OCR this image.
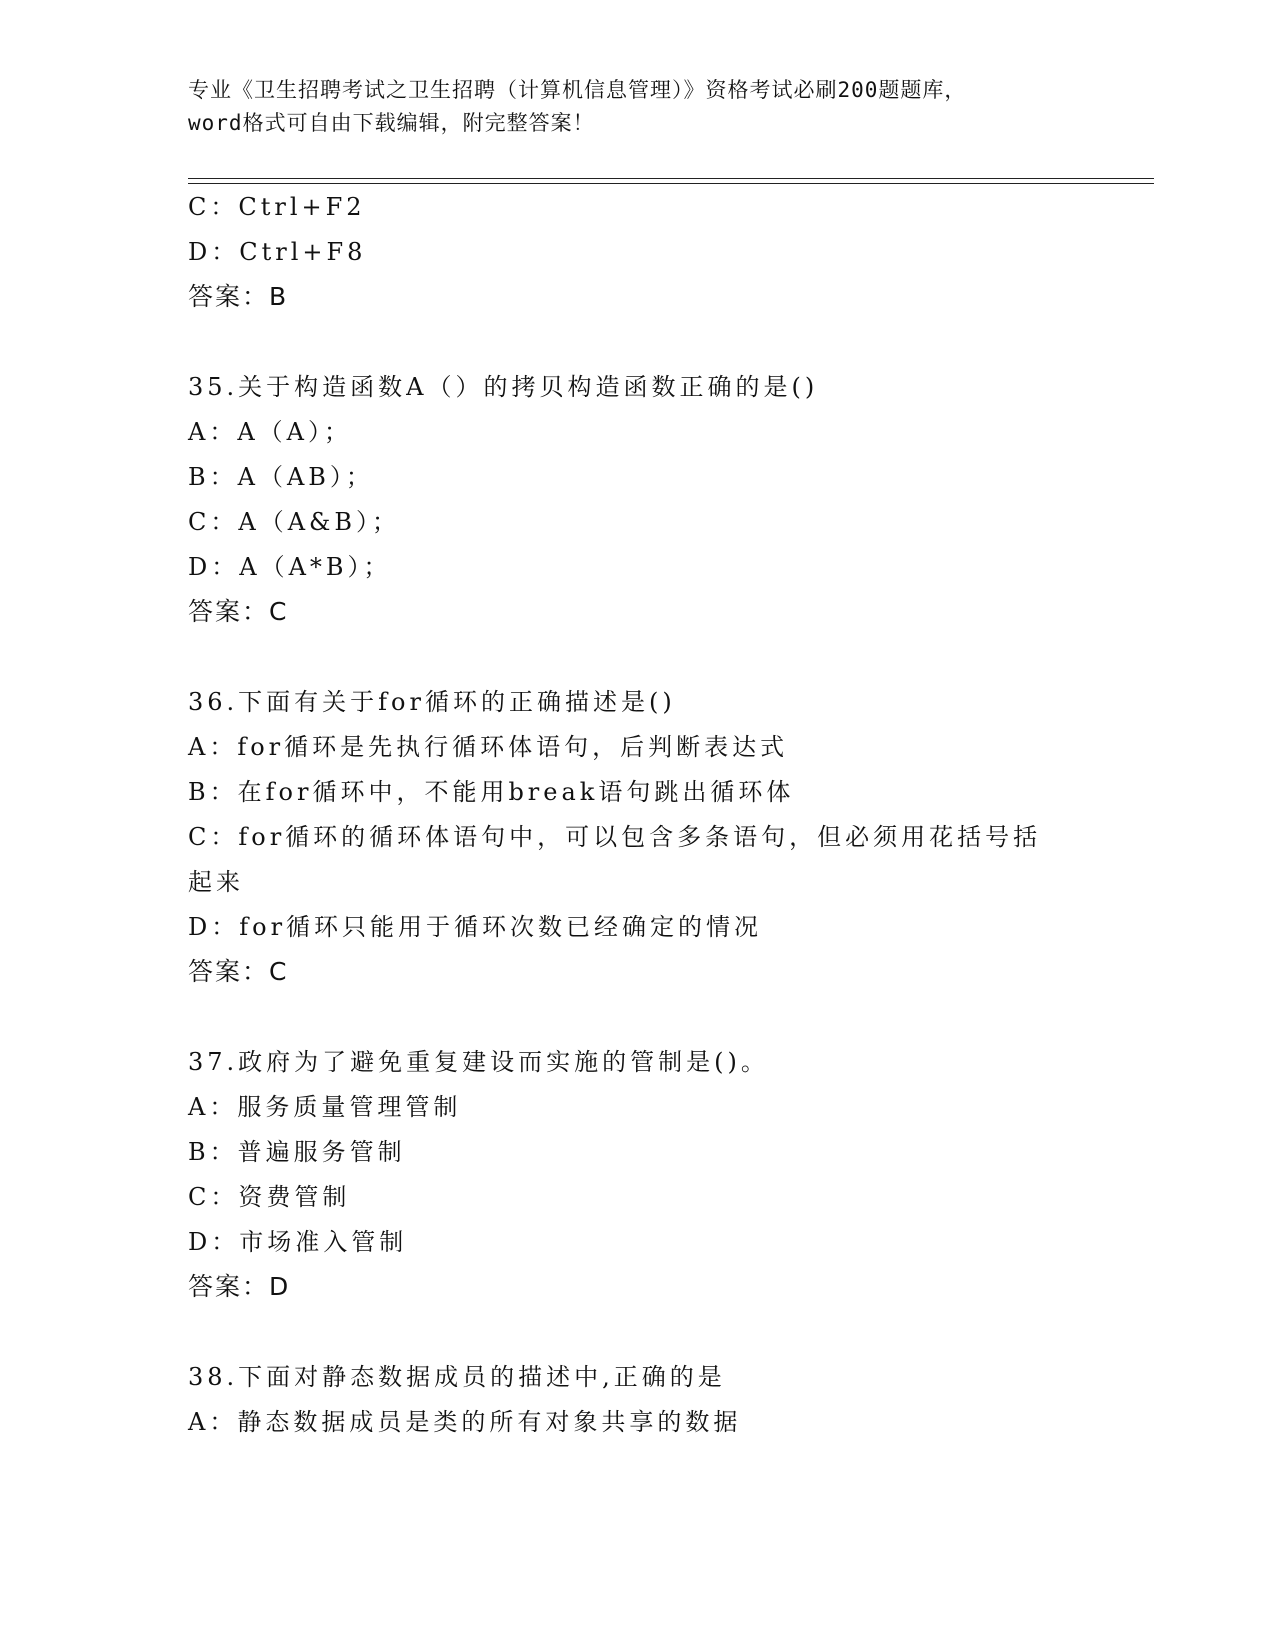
专业《卫生招聘考试之卫生招聘（计算机信息管理）》资格考试必刷200题题库，
word格式可自由下载编辑，附完整答案！
C：Ctrl+F2
D：Ctrl+F8
答案：B
35.关于构造函数A（）的拷贝构造函数正确的是()
A：A（A）；
B：A（AB）；
C：A（A&B）；
D：A（A*B）；
答案：C
36.下面有关于for循环的正确描述是()
A：for循环是先执行循环体语句，后判断表达式
B：在for循环中，不能用break语句跳出循环体
C：for循环的循环体语句中，可以包含多条语句，但必须用花括号括
起来
D：for循环只能用于循环次数已经确定的情况
答案：C
37.政府为了避免重复建设而实施的管制是()。
A：服务质量管理管制
B：普遍服务管制
C：资费管制
D：市场准入管制
答案：D
38.下面对静态数据成员的描述中,正确的是
A：静态数据成员是类的所有对象共享的数据
